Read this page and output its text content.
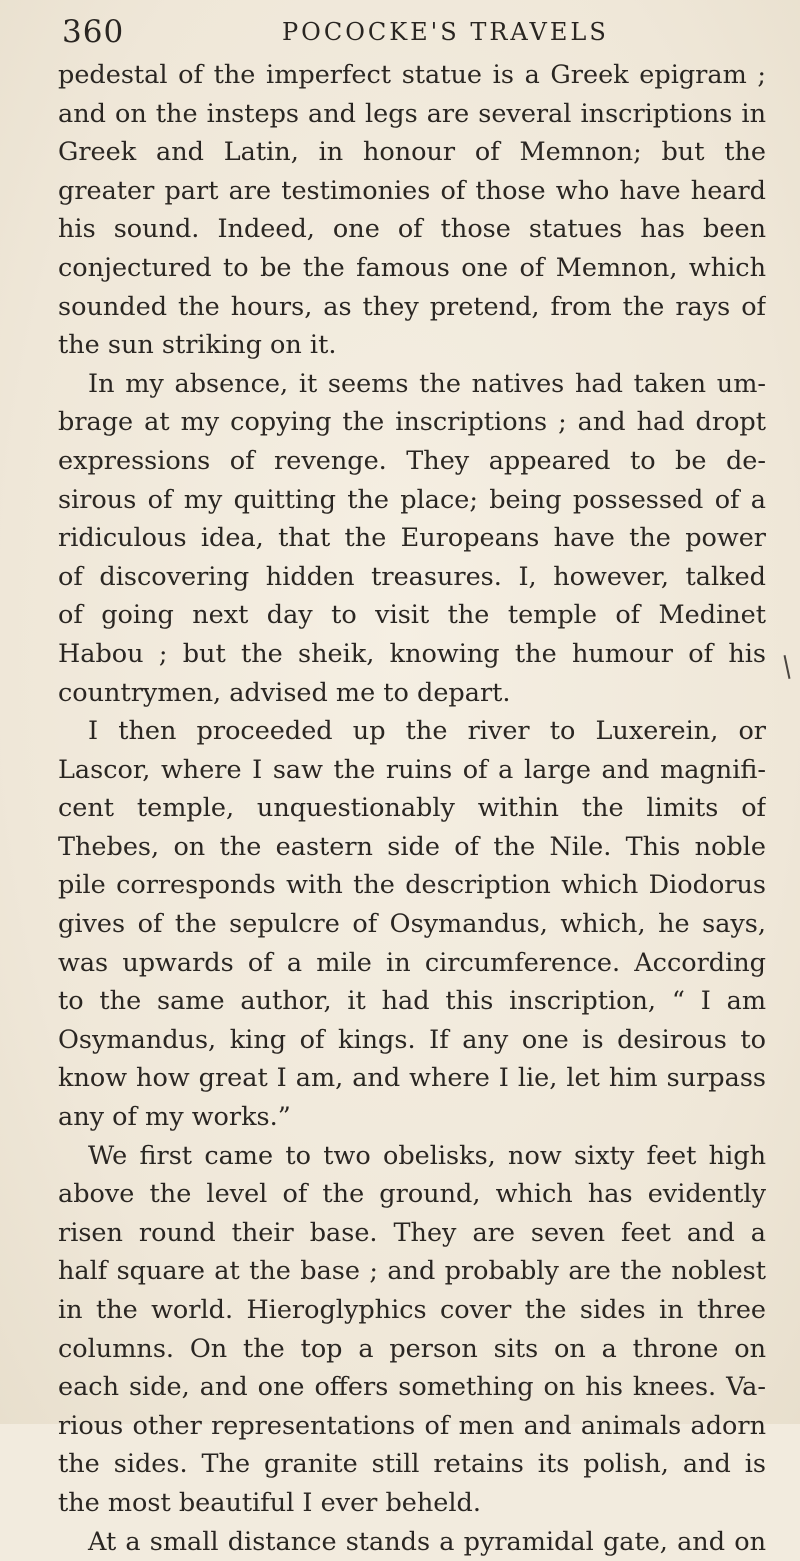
360	POCOCKE'S TRAVELS
pedestal of the imperfect statue is a Greek epigram ;
and on the insteps and legs are several inscriptions in
Greek and Latin, in honour of Memnon; but the
greater part are testimonies of those who have heard
his sound. Indeed, one of those statues has been
conjectured to be the famous one of Memnon, which
sounded the hours, as they pretend, from the rays of
the sun striking on it.
In my absence, it seems the natives had taken um-
brage at my copying the inscriptions ; and had dropt
expressions of revenge. They appeared to be de-
sirous of my quitting the place; being possessed of a
ridiculous idea, that the Europeans have the power
of discovering hidden treasures. I, however, talked
of going next day to visit the temple of Medinet
Habou ; but the sheik, knowing the humour of his
countrymen, advised me to depart.
I then proceeded up the river to Luxerein, or
Lascor, where I saw the ruins of a large and magnifi-
cent temple, unquestionably within the limits of
Thebes, on the eastern side of the Nile. This noble
pile corresponds with the description which Diodorus
gives of the sepulcre of Osymandus, which, he says,
was upwards of a mile in circumference. According
to the same author, it had this inscription, “ I am
Osymandus, king of kings. If any one is desirous to
know how great I am, and where I lie, let him surpass
any of my works.”
We first came to two obelisks, now sixty feet high
above the level of the ground, which has evidently
risen round their base. They are seven feet and a
half square at the base ; and probably are the noblest
in the world. Hieroglyphics cover the sides in three
columns. On the top a person sits on a throne on
each side, and one offers something on his knees. Va-
rious other representations of men and animals adorn
the sides. The granite still retains its polish, and is
the most beautiful I ever beheld.
At a small distance stands a pyramidal gate, and on
